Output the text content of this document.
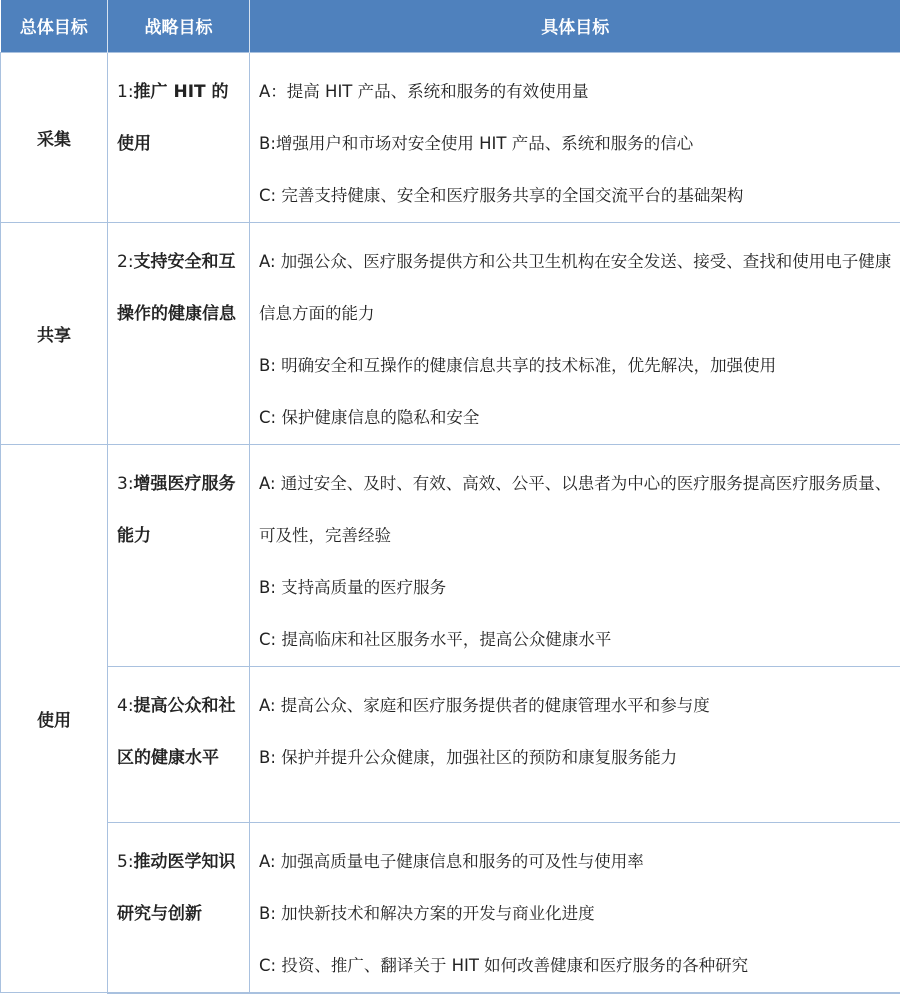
总体目标	战略目标	具体目标
采集	1:推广 HIT 的使用	A：提高 HIT 产品、系统和服务的有效使用量
B:增强用户和市场对安全使用 HIT 产品、系统和服务的信心
C: 完善支持健康、安全和医疗服务共享的全国交流平台的基础架构

共享	2:支持安全和互操作的健康信息	A: 加强公众、医疗服务提供方和公共卫生机构在安全发送、接受、查找和使用电子健康信息方面的能力
B: 明确安全和互操作的健康信息共享的技术标准，优先解决，加强使用
C: 保护健康信息的隐私和安全

使用	3:增强医疗服务能力	A: 通过安全、及时、有效、高效、公平、以患者为中心的医疗服务提高医疗服务质量、可及性，完善经验
B: 支持高质量的医疗服务
C: 提高临床和社区服务水平，提高公众健康水平

	4:提高公众和社区的健康水平	A: 提高公众、家庭和医疗服务提供者的健康管理水平和参与度
B: 保护并提升公众健康，加强社区的预防和康复服务能力

	5:推动医学知识研究与创新	A: 加强高质量电子健康信息和服务的可及性与使用率
B: 加快新技术和解决方案的开发与商业化进度
C: 投资、推广、翻译关于 HIT 如何改善健康和医疗服务的各种研究
